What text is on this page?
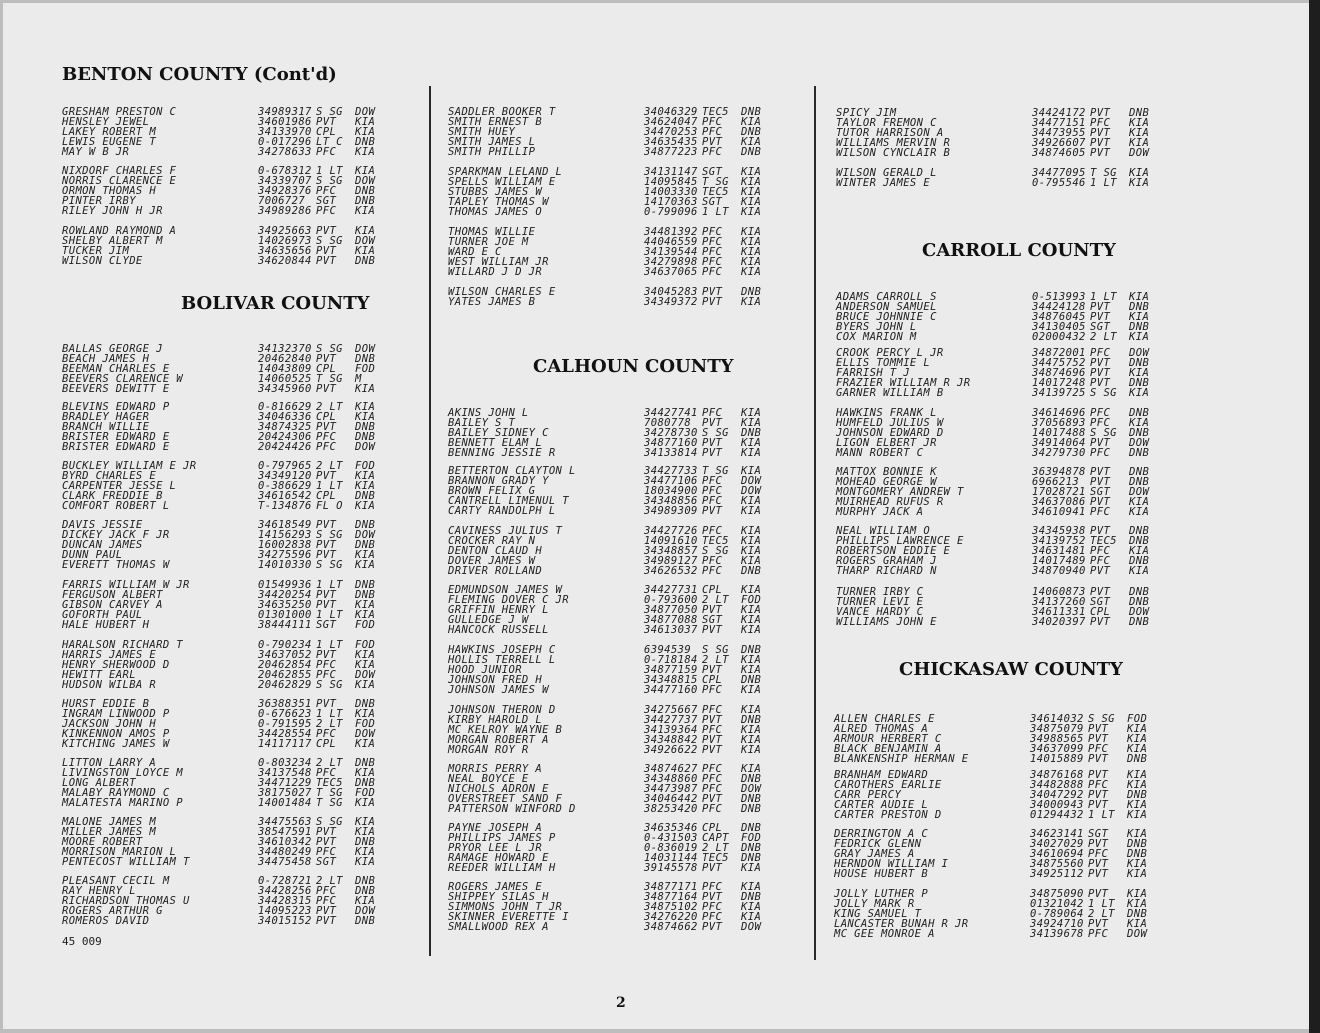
BENTON COUNTY (Cont'd)
GRESHAM PRESTON C	34989317 S SG DOW
HENSLEY JEWEL	34601986 PVT KIA
LAKEY ROBERT M	34133970 CPL KIA
LEWIS EUGENE T	0-017296 LT C DNB
MAY W B JR	34278633 PFC KIA
NIXDORF CHARLES F	0-678312 1 LT KIA
NORRIS CLARENCE E	34339707 S SG DOW
ORMON THOMAS H	34928376 PFC DNB
PINTER IRBY	7006727 SGT DNB
RILEY JOHN H JR	34989286 PFC KIA
ROWLAND RAYMOND A	34925663 PVT KIA
SHELBY ALBERT M	14026973 S SG DOW
TUCKER JIM	34635656 PVT KIA
WILSON CLYDE	34620844 PVT DNB
BOLIVAR COUNTY
BALLAS GEORGE J	34132370 S SG DOW
BEACH JAMES H	20462840 PVT DNB
BEEMAN CHARLES E	14043809 CPL FOD
BEEVERS CLARENCE W	14060525 T SG M
BEEVERS DEWITT E	34345960 PVT KIA
BLEVINS EDWARD P	0-816629 2 LT KIA
BRADLEY HAGER	34046336 CPL KIA
BRANCH WILLIE	34874325 PVT DNB
BRISTER EDWARD E	20424306 PFC DNB
BRISTER EDWARD E	20424426 PFC DOW
BUCKLEY WILLIAM E JR	0-797965 2 LT FOD
BYRD CHARLES E	34349120 PVT KIA
CARPENTER JESSE L	0-386629 1 LT KIA
CLARK FREDDIE B	34616542 CPL DNB
COMFORT ROBERT L	T-134876 FL O KIA
DAVIS JESSIE	34618549 PVT DNB
DICKEY JACK F JR	14156293 S SG DOW
DUNCAN JAMES	16002838 PVT DNB
DUNN PAUL	34275596 PVT KIA
EVERETT THOMAS W	14010330 S SG KIA
FARRIS WILLIAM W JR	01549936 1 LT DNB
FERGUSON ALBERT	34420254 PVT DNB
GIBSON CARVEY A	34635250 PVT KIA
GOFORTH PAUL	01301000 1 LT KIA
HALE HUBERT H	38444111 SGT FOD
HARALSON RICHARD T	0-790234 1 LT FOD
HARRIS JAMES E	34637052 PVT KIA
HENRY SHERWOOD D	20462854 PFC KIA
HEWITT EARL	20462855 PFC DOW
HUDSON WILBA R	20462829 S SG KIA
HURST EDDIE B	36388351 PVT DNB
INGRAM LINWOOD P	0-676623 1 LT KIA
JACKSON JOHN H	0-791595 2 LT FOD
KINKENNON AMOS P	34428554 PFC DOW
KITCHING JAMES W	14117117 CPL KIA
LITTON LARRY A	0-803234 2 LT DNB
LIVINGSTON LOYCE M	34137548 PFC KIA
LONG ALBERT	34471229 TEC5 DNB
MALABY RAYMOND C	38175027 T SG FOD
MALATESTA MARINO P	14001484 T SG KIA
MALONE JAMES M	34475563 S SG KIA
MILLER JAMES M	38547591 PVT KIA
MOORE ROBERT	34610342 PVT DNB
MORRISON MARION L	34480249 PFC KIA
PENTECOST WILLIAM T	34475458 SGT KIA
PLEASANT CECIL M	0-728721 2 LT DNB
RAY HENRY L	34428256 PFC DNB
RICHARDSON THOMAS U	34428315 PFC KIA
ROGERS ARTHUR G	14095223 PVT DOW
ROMEROS DAVID	34015152 PVT DNB
SADDLER BOOKER T	34046329 TEC5 DNB
SMITH ERNEST B	34624047 PFC KIA
SMITH HUEY	34470253 PFC DNB
SMITH JAMES L	34635435 PVT KIA
SMITH PHILLIP	34877223 PFC DNB
SPARKMAN LELAND L	34131147 SGT KIA
SPELLS WILLIAM E	14095845 T SG KIA
STUBBS JAMES W	14003330 TEC5 KIA
TAPLEY THOMAS W	14170363 SGT KIA
THOMAS JAMES O	0-799096 1 LT KIA
THOMAS WILLIE	34481392 PFC KIA
TURNER JOE M	44046559 PFC KIA
WARD E C	34139544 PFC KIA
WEST WILLIAM JR	34279898 PFC KIA
WILLARD J D JR	34637065 PFC KIA
WILSON CHARLES E	34045283 PVT DNB
YATES JAMES B	34349372 PVT KIA
CALHOUN COUNTY
AKINS JOHN L	34427741 PFC KIA
BAILEY S T	7080778 PVT KIA
BAILEY SIDNEY C	34278730 S SG DNB
BENNETT ELAM L	34877160 PVT KIA
BENNING JESSIE R	34133814 PVT KIA
BETTERTON CLAYTON L	34427733 T SG KIA
BRANNON GRADY Y	34477106 PFC DOW
BROWN FELIX G	18034900 PFC DOW
CANTRELL LIMENUL T	34348856 PFC KIA
CARTY RANDOLPH L	34989309 PVT KIA
CAVINESS JULIUS T	34427726 PFC KIA
CROCKER RAY N	14091610 TEC5 KIA
DENTON CLAUD H	34348857 S SG KIA
DOVER JAMES W	34989127 PFC KIA
DRIVER ROLLAND	34626532 PFC DNB
EDMUNDSON JAMES W	34427731 CPL KIA
FLEMING DOVER C JR	0-793600 2 LT FOD
GRIFFIN HENRY L	34877050 PVT KIA
GULLEDGE J W	34877088 SGT KIA
HANCOCK RUSSELL	34613037 PVT KIA
HAWKINS JOSEPH C	6394539 S SG DNB
HOLLIS TERRELL L	0-718184 2 LT KIA
HOOD JUNIOR	34877159 PVT KIA
JOHNSON FRED H	34348815 CPL DNB
JOHNSON JAMES W	34477160 PFC KIA
JOHNSON THERON D	34275667 PFC KIA
KIRBY HAROLD L	34427737 PVT DNB
MC KELROY WAYNE B	34139364 PFC KIA
MORGAN ROBERT A	34348842 PVT KIA
MORGAN ROY R	34926622 PVT KIA
MORRIS PERRY A	34874627 PFC KIA
NEAL BOYCE E	34348860 PFC DNB
NICHOLS ADRON E	34473987 PFC DOW
OVERSTREET SAND F	34046442 PVT DNB
PATTERSON WINFORD D	38253420 PFC DNB
PAYNE JOSEPH A	34635346 CPL DNB
PHILLIPS JAMES P	0-431503 CAPT FOD
PRYOR LEE L JR	0-836019 2 LT DNB
RAMAGE HOWARD E	14031144 TEC5 DNB
REEDER WILLIAM H	39145578 PVT KIA
ROGERS JAMES E	34877171 PFC KIA
SHIPPEY SILAS H	34877164 PVT DNB
SIMMONS JOHN T JR	34875102 PFC KIA
SKINNER EVERETTE I	34276220 PFC KIA
SMALLWOOD REX A	34874662 PVT DOW
SPICY JIM	34424172 PVT DNB
TAYLOR FREMON C	34477151 PFC KIA
TUTOR HARRISON A	34473955 PVT KIA
WILLIAMS MERVIN R	34926607 PVT KIA
WILSON CYNCLAIR B	34874605 PVT DOW
WILSON GERALD L	34477095 T SG KIA
WINTER JAMES E	0-795546 1 LT KIA
CARROLL COUNTY
ADAMS CARROLL S	0-513993 1 LT KIA
ANDERSON SAMUEL	34424128 PVT DNB
BRUCE JOHNNIE C	34876045 PVT KIA
BYERS JOHN L	34130405 SGT DNB
COX MARION M	02000432 2 LT KIA
CROOK PERCY L JR	34872001 PFC DOW
ELLIS TOMMIE L	34475752 PVT DNB
FARRISH T J	34874696 PVT KIA
FRAZIER WILLIAM R JR	14017248 PVT DNB
GARNER WILLIAM B	34139725 S SG KIA
HAWKINS FRANK L	34614696 PFC DNB
HUMFELD JULIUS W	37056893 PFC KIA
JOHNSON EDWARD D	14017488 S SG DNB
LIGON ELBERT JR	34914064 PVT DOW
MANN ROBERT C	34279730 PFC DNB
MATTOX BONNIE K	36394878 PVT DNB
MOHEAD GEORGE W	6966213 PVT DNB
MONTGOMERY ANDREW T	17028721 SGT DOW
MUIRHEAD RUFUS R	34637086 PVT KIA
MURPHY JACK A	34610941 PFC KIA
NEAL WILLIAM O	34345938 PVT DNB
PHILLIPS LAWRENCE E	34139752 TEC5 DNB
ROBERTSON EDDIE E	34631481 PFC KIA
ROGERS GRAHAM J	14017489 PFC DNB
THARP RICHARD N	34870940 PVT KIA
TURNER IRBY C	14060873 PVT DNB
TURNER LEVI E	34137260 SGT DNB
VANCE HARDY C	34611331 CPL DOW
WILLIAMS JOHN E	34020397 PVT DNB
CHICKASAW COUNTY
ALLEN CHARLES E	34614032 S SG FOD
ALRED THOMAS A	34875079 PVT KIA
ARMOUR HERBERT C	34988565 PVT KIA
BLACK BENJAMIN A	34637099 PFC KIA
BLANKENSHIP HERMAN E	14015889 PVT DNB
BRANHAM EDWARD	34876168 PVT KIA
CAROTHERS EARLIE	34482888 PFC KIA
CARR PERCY	34047292 PVT DNB
CARTER AUDIE L	34000943 PVT KIA
CARTER PRESTON D	01294432 1 LT KIA
DERRINGTON A C	34623141 SGT KIA
FEDRICK GLENN	34027029 PVT DNB
GRAY JAMES A	34610694 PFC DNB
HERNDON WILLIAM I	34875560 PVT KIA
HOUSE HUBERT B	34925112 PVT KIA
JOLLY LUTHER P	34875090 PVT KIA
JOLLY MARK R	01321042 1 LT KIA
KING SAMUEL T	0-789064 2 LT DNB
LANCASTER BUNAH R JR	34924710 PVT KIA
MC GEE MONROE A	34139678 PFC DOW
45 009
2
